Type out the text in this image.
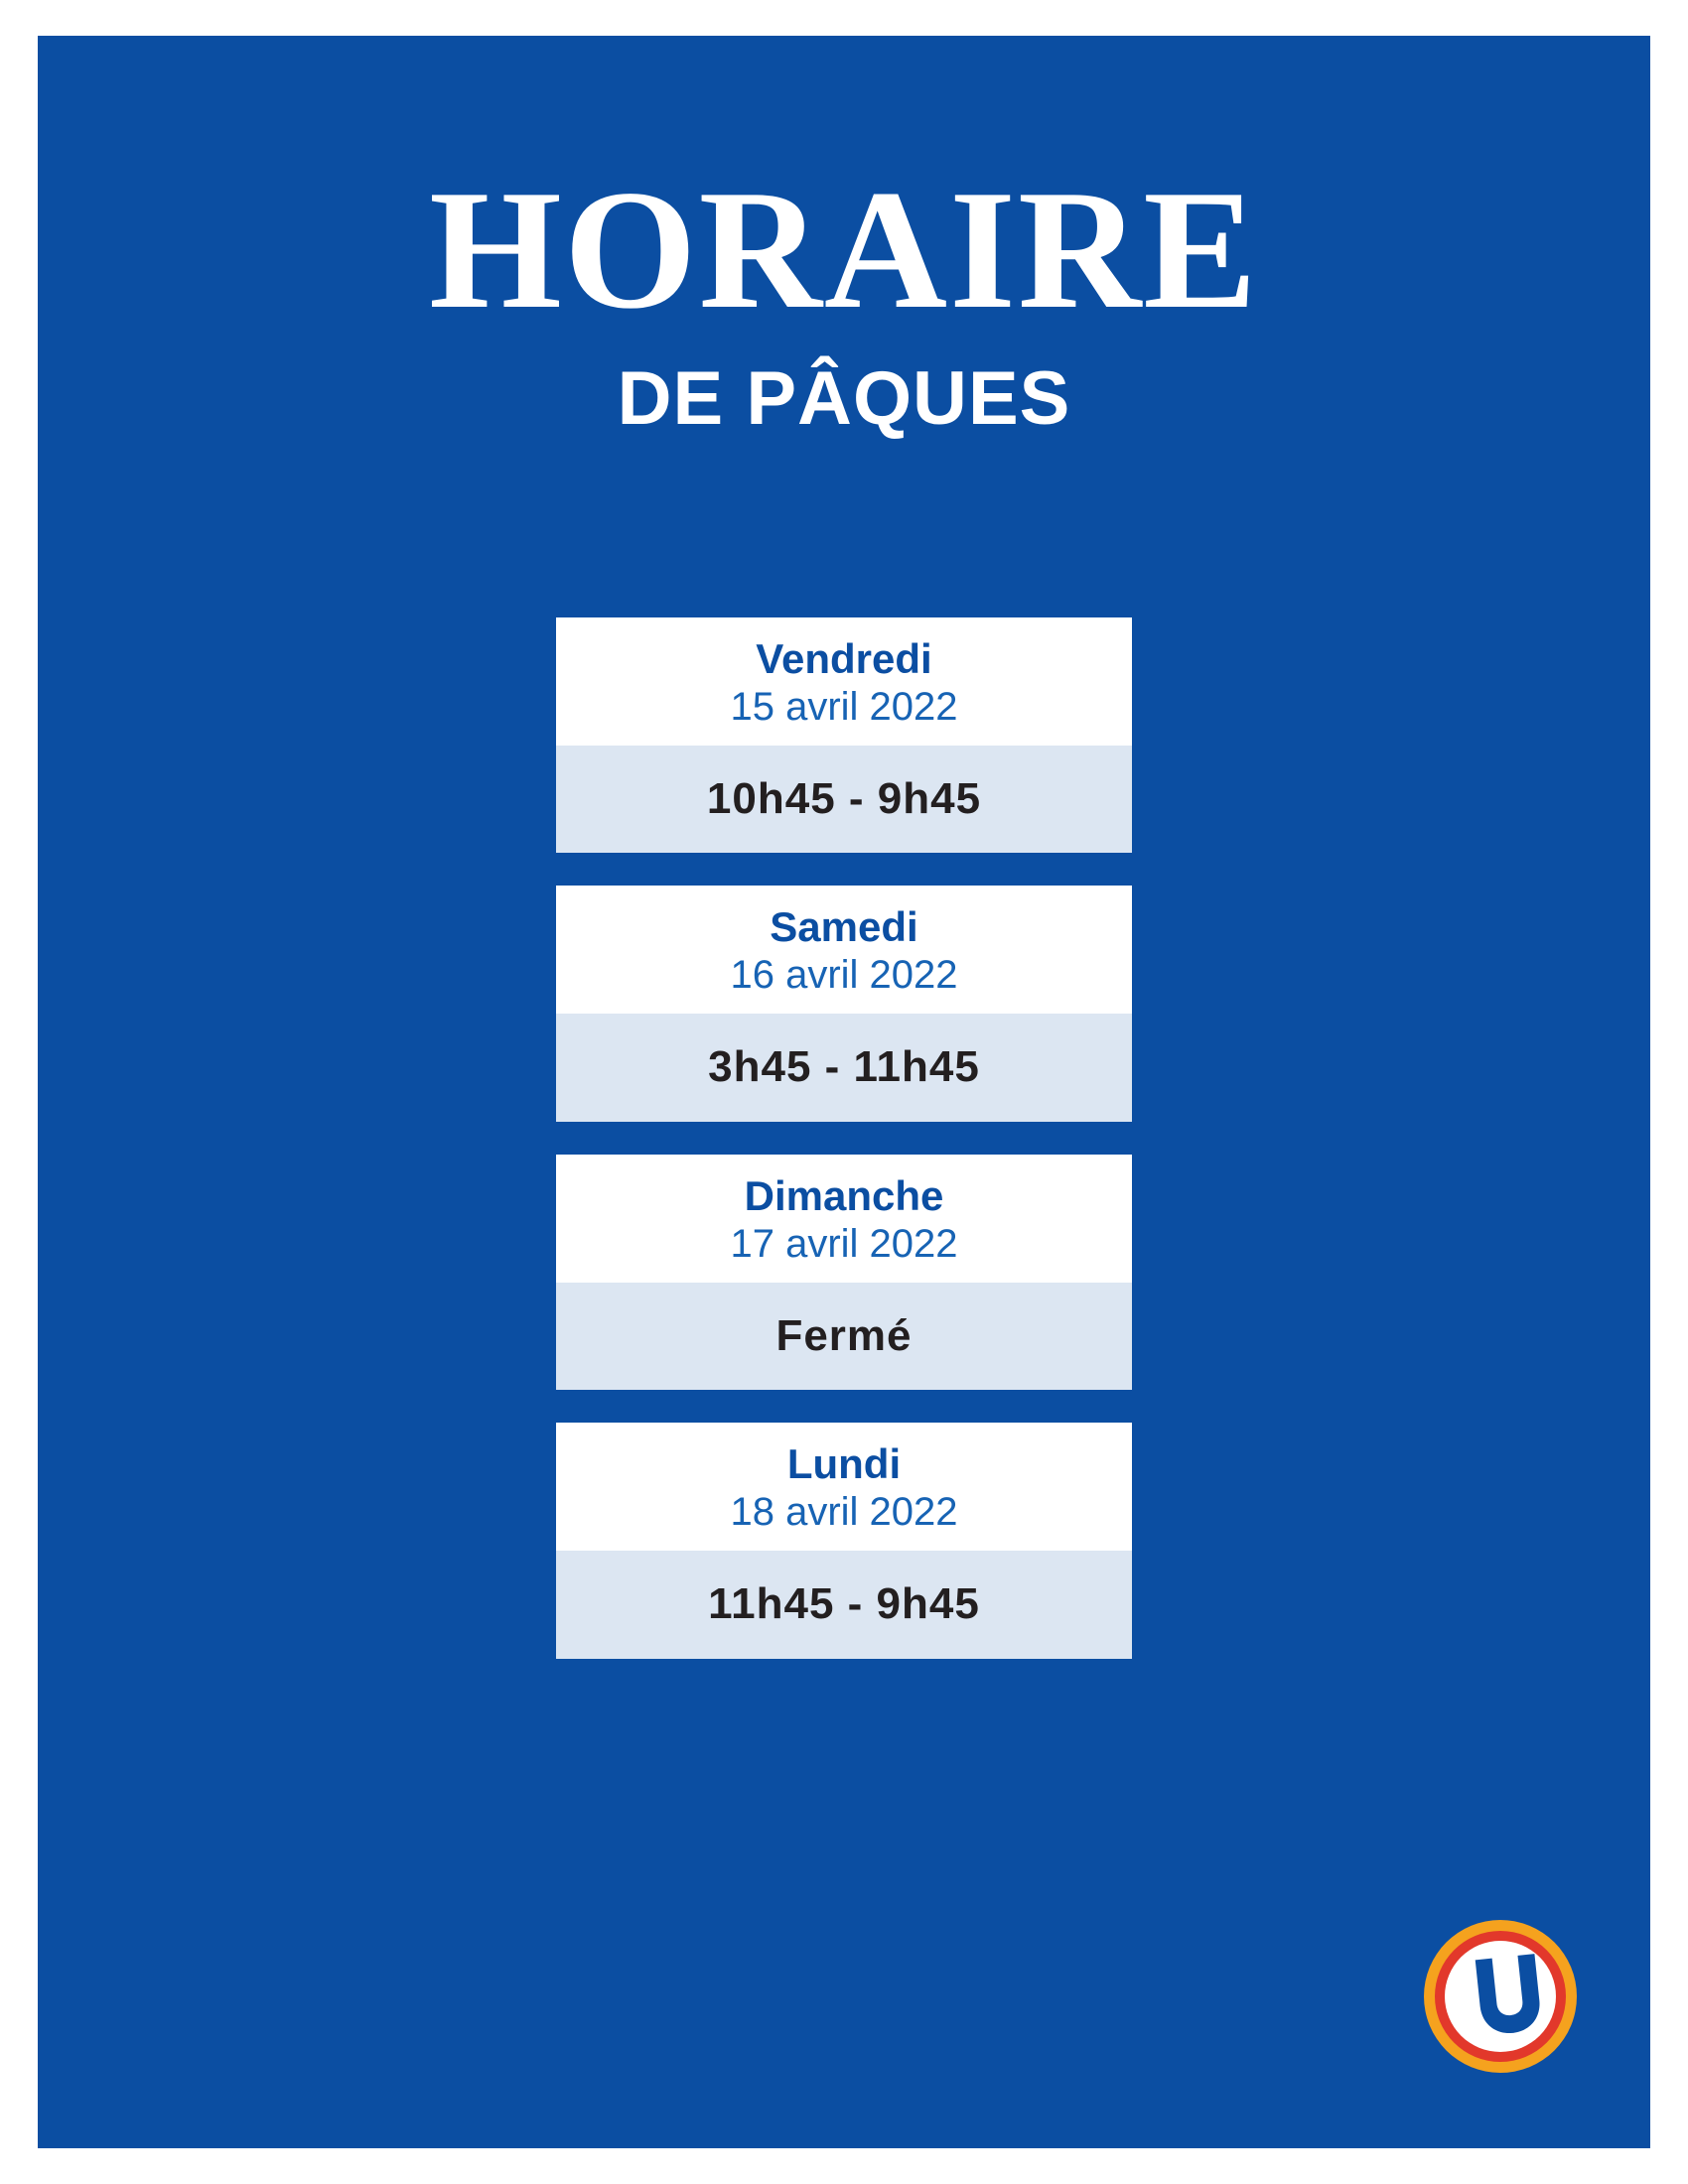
HORAIRE
DE PÂQUES

Vendredi

15 avril 2022

10h45 - 9h45

Samedi

16 avril 2022

3h45 - 11h45

Dimanche

17 avril 2022

Fermé

Lundi

18 avril 2022

11h45 - 9h45
